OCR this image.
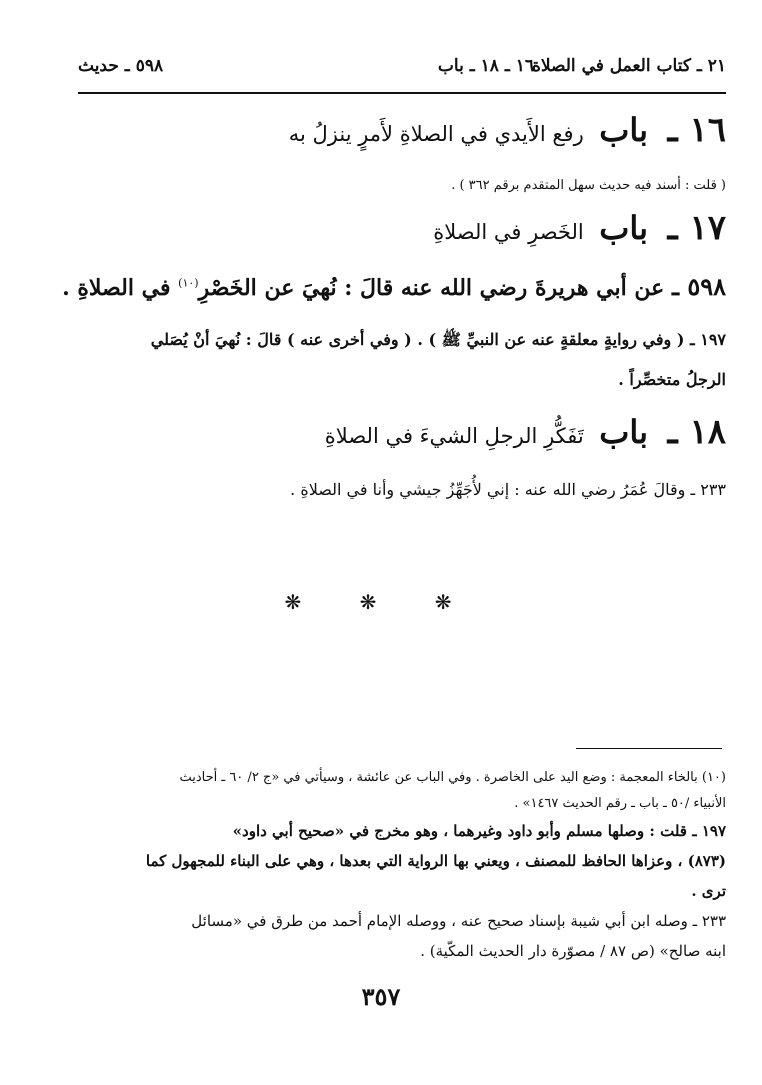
٢١ ـ كتاب العمل في الصلاة
١٦ ـ ١٨ ـ باب
٥٩٨ ـ حديث
١٦ ـ باب رفع الأَيدي في الصلاةِ لأَمرٍ ينزلُ به
( قلت : أسند فيه حديث سهل المتقدم برقم ٣٦٢ ) .
١٧ ـ باب الخَصرِ في الصلاةِ
٥٩٨ ـ عن أبي هريرةَ رضي الله عنه قالَ : نُهيَ عن الخَصْرِ$^{(١٠)}$ في الصلاةِ .
١٩٧ ـ ( وفي روايةٍ معلقةٍ عنه عن النبيِّ ﷺ ) . ( وفي أخرى عنه ) قالَ : نُهيَ أنْ يُصَلي
الرجلُ متخصِّراً .
١٨ ـ باب تَفَكُّرِ الرجلِ الشيءَ في الصلاةِ
٢٣٣ ـ وقالَ عُمَرُ رضي الله عنه : إني لأُجَهِّزُ جيشي وأنا في الصلاةِ .
❋ ❋ ❋
(١٠) بالخاء المعجمة : وضع اليد على الخاصرة . وفي الباب عن عائشة ، وسيأتي في «ج ٢/ ٦٠ ـ أحاديث
الأنبياء /٥٠ ـ باب ـ رقم الحديث ١٤٦٧» .
١٩٧ ـ قلت : وصلها مسلم وأبو داود وغيرهما ، وهو مخرج في «صحيح أبي داود»
(٨٧٣) ، وعزاها الحافظ للمصنف ، ويعني بها الرواية التي بعدها ، وهي على البناء للمجهول كما
ترى .
٢٣٣ ـ وصله ابن أبي شيبة بإسناد صحيح عنه ، ووصله الإمام أحمد من طرق في «مسائل
ابنه صالح» (ص ٨٧ / مصوّرة دار الحديث المكّية) .
٣٥٧
